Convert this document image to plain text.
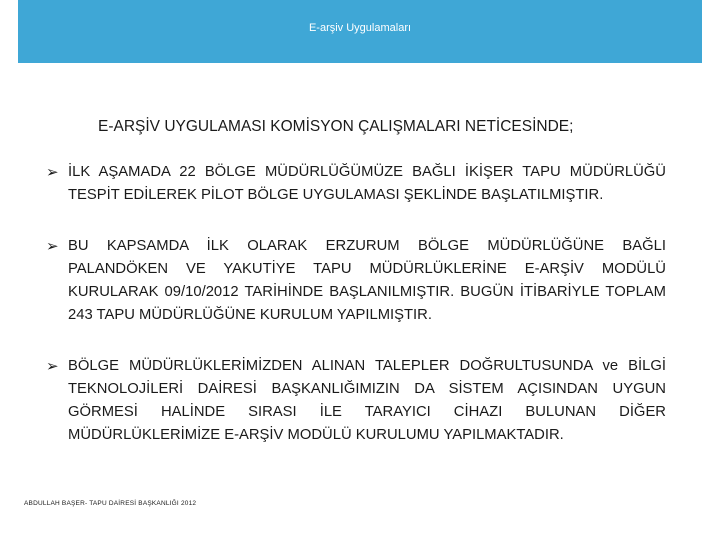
E-arşiv Uygulamaları
E-ARŞİV UYGULAMASI KOMİSYON ÇALIŞMALARI NETİCESİNDE;
➢ İLK AŞAMADA 22 BÖLGE MÜDÜRLÜĞÜMÜZE BAĞLI İKİŞER TAPU MÜDÜRLÜĞÜ TESPİT EDİLEREK PİLOT BÖLGE UYGULAMASI ŞEKLİNDE BAŞLATILMIŞTIR.
➢ BU KAPSAMDA İLK OLARAK ERZURUM BÖLGE MÜDÜRLÜĞÜNE BAĞLI PALANDÖKEN VE YAKUTİYE TAPU MÜDÜRLÜKLERİNE E-ARŞİV MODÜLÜ KURULARAK 09/10/2012 TARİHİNDE BAŞLANILMIŞTIR. BUGÜN İTİBARİYLE TOPLAM 243 TAPU MÜDÜRLÜĞÜNE KURULUM YAPILMIŞTIR.
➢ BÖLGE MÜDÜRLÜKLERİMİZDEN ALINAN TALEPLER DOĞRULTUSUNDA ve BİLGİ TEKNOLOJİLERİ DAİRESİ BAŞKANLIĞIMIZIN DA SİSTEM AÇISINDAN UYGUN GÖRMESİ HALİNDE SIRASI İLE TARAYICI CİHAZI BULUNAN DİĞER MÜDÜRLÜKLERİMİZE E-ARŞİV MODÜLÜ KURULUMU YAPILMAKTADIR.
ABDULLAH BAŞER- TAPU DAİRESİ BAŞKANLIĞI 2012
